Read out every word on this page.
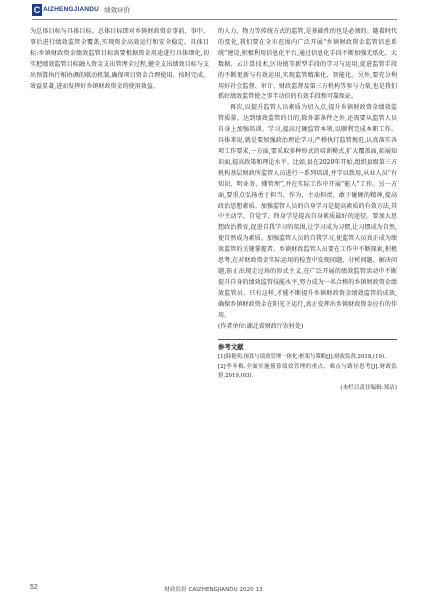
C AIZHENGJIANDU 绩效评价

为总体目标与具体目标。总体目标即对乡镇财政资金事前、事中、事后进行绩效监管全覆盖,实现资金高效运行和安全稳定。具体目标:乡镇财政资金绩效监管目标需要根据资金用途进行具体细化,切实把绩效监管目标融入资金支出管理全过程,健全支出绩效目标与支出预算执行相协调的联动机制,确保项目资金合理使用、按时完成、效益显著,进而发挥好乡镇财政资金的使用效益。

的人力、物力等传统方式的监管,是基础性的也是必须的。随着时代的变化,我们要在全市范围内广泛开展“乡镇财政资金监管信息系统”建设,积极利用信息化平台,通过信息化手段不断加强无纸化、大数据、云计算技术,区块链等新型手段的学习与运用,促进监管手段的不断更新与有效运用,实现监管精准化、智能化。另外,要充分利用好社会监督、审计、财政监督及第三方机构等参与力量,也是我们抓好绩效监管使之事半功倍的有效手段和可靠保证。

再次,以提升监管人员素质为切入点,提升乡镇财政资金绩效监管质量。达到绩效监管的目的,除外部条件之外,还需要从监管人员自身上加强培训、学习,提高过硬监管本领,以顺利完成本职工作。具体来说,就是要加强政治理论学习,严格执行监管规范,认真落实各项工作要求,一方面,要采取多种形式的培训模式,扩大覆盖面,拓展知识面,提高政策和理论水平。比如,县在2020年开始,组织县级第三方机构基层财政所监管人员进行一系列培训,并学以致用,从业人员“有知识、明业务、懂管理”,并在实际工作中开展“能人”工作。另一方面,要重点弘扬勇于担当、作为、主动担责、敢于碰硬的精神,提高政治思想素质。加强监管人员的自身学习是提高素质的有效方法,其中主动学、自觉学、终身学是提高自身素质最好的途径。要加大思想政治教育,促进自我学习的氛围,让学习成为习惯,让习惯成为自然,使自然成为素质。加强监管人员的自我学习,使监管人员真正成为绩效监管的关键掌握者。乡镇财政监管人员要在工作中不断探索,积极思考,在对财政资金实际运用的检查中发现问题、分析问题、解决问题,防止出现走过场的形式主义,在广泛开展的绩效监管活动中不断提升自身的绩效监管技能水平,努力成为一名合格的乡镇财政资金绩效监管员。只有这样,才能不断提升乡镇财政资金绩效监管的成效,确保乡镇财政资金在阳光下运行,真正发挥出乡镇财政资金应有的作用。

(作者单位:湖北省财政厅农村处)

参考文献

[1]韩艳明.预算与绩效管理一体化:框架与策略[J].财政监督,2018,(19).

[2]李冬梅.全面实施预算绩效管理的重点、难点与路径思考[J].财政监督,2019,(03).

(本栏目责任编辑:郑洁)

52	财政监督 CAIZHENGJIANDU 2020 13
